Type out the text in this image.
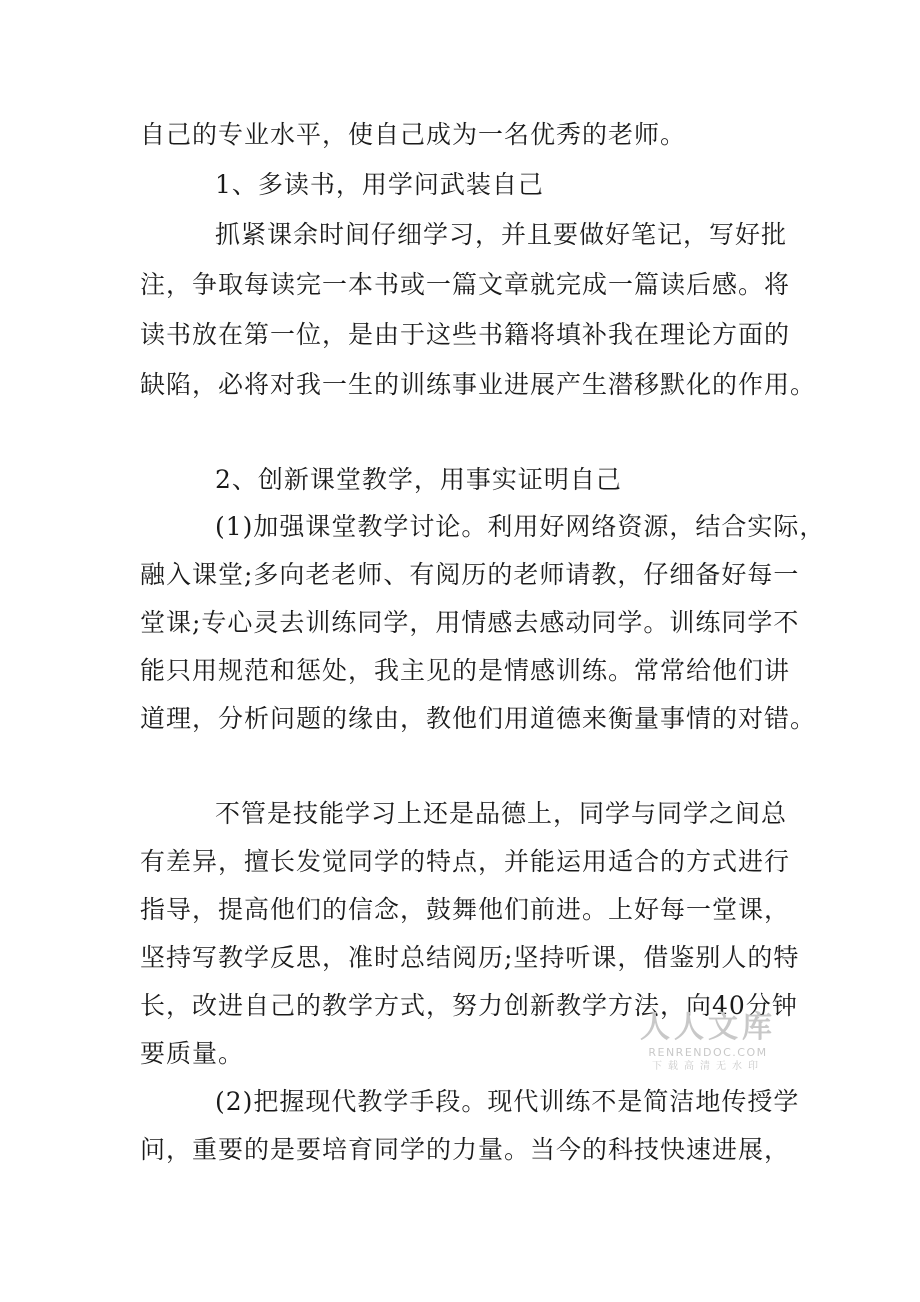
自己的专业水平，使自己成为一名优秀的老师。
1、多读书，用学问武装自己
抓紧课余时间仔细学习，并且要做好笔记，写好批
注，争取每读完一本书或一篇文章就完成一篇读后感。将
读书放在第一位，是由于这些书籍将填补我在理论方面的
缺陷，必将对我一生的训练事业进展产生潜移默化的作用。
2、创新课堂教学，用事实证明自己
(1)加强课堂教学讨论。利用好网络资源，结合实际，
融入课堂;多向老老师、有阅历的老师请教，仔细备好每一
堂课;专心灵去训练同学，用情感去感动同学。训练同学不
能只用规范和惩处，我主见的是情感训练。常常给他们讲
道理，分析问题的缘由，教他们用道德来衡量事情的对错。
不管是技能学习上还是品德上，同学与同学之间总
有差异，擅长发觉同学的特点，并能运用适合的方式进行
指导，提高他们的信念，鼓舞他们前进。上好每一堂课，
坚持写教学反思，准时总结阅历;坚持听课，借鉴别人的特
长，改进自己的教学方式，努力创新教学方法，向40分钟
要质量。
(2)把握现代教学手段。现代训练不是简洁地传授学
问，重要的是要培育同学的力量。当今的科技快速进展，
人人文库
RENRENDOC.COM
下载高清无水印
